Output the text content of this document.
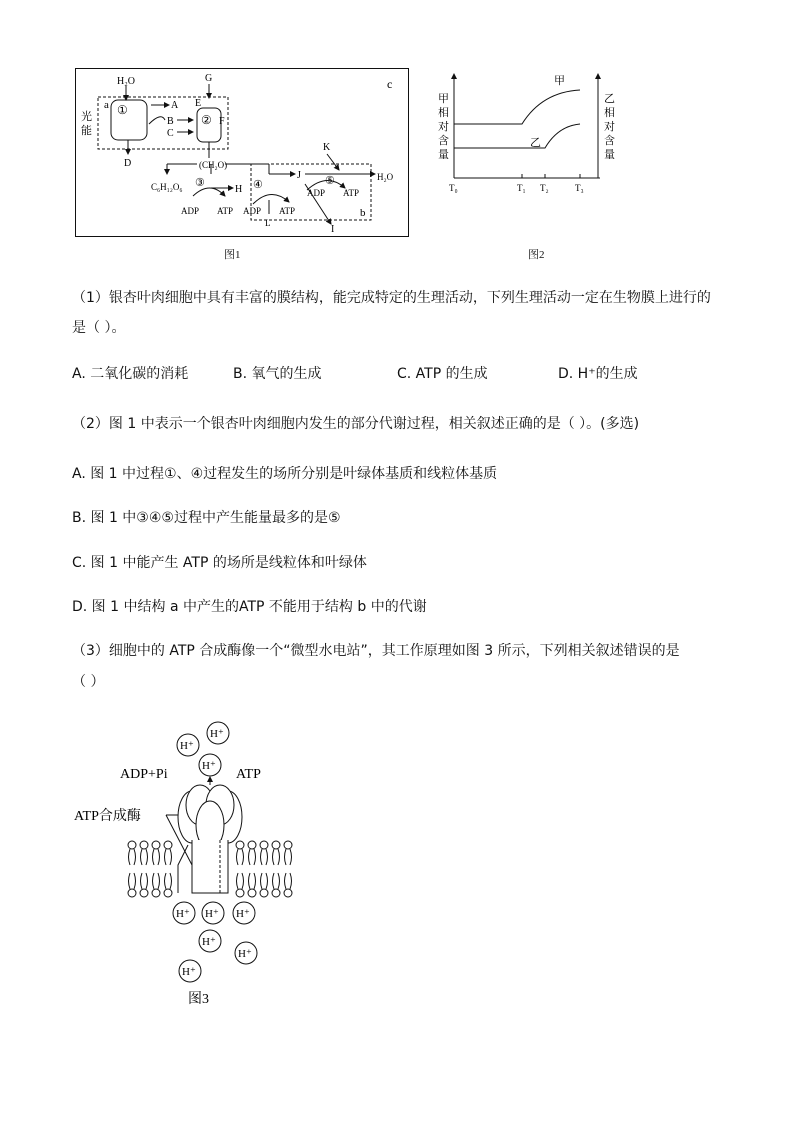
c
光
能
a
H₂O
①
D
A
B
C
G
E
② F
(CH₂O)
C₆H₁₂O₆ ③
H
ADP ATP
④
J	H₂O
K
⑤
ADP ATP
ADP ATP
L
I
b
图1
甲
相
对
含
量
乙
相
对
含
量
甲
乙
T₀	T₁ T₂	T₃
图2
（1）银杏叶肉细胞中具有丰富的膜结构，能完成特定的生理活动，下列生理活动一定在生物膜上进行的
是（ ）。
A. 二氧化碳的消耗	B. 氧气的生成	C. ATP 的生成	D. H⁺的生成
（2）图 1 中表示一个银杏叶肉细胞内发生的部分代谢过程，相关叙述正确的是（ ）。(多选)
A. 图 1 中过程①、④过程发生的场所分别是叶绿体基质和线粒体基质
B. 图 1 中③④⑤过程中产生能量最多的是⑤
C. 图 1 中能产生 ATP 的场所是线粒体和叶绿体
D. 图 1 中结构 a 中产生的ATP 不能用于结构 b 中的代谢
（3）细胞中的 ATP 合成酶像一个“微型水电站”，其工作原理如图 3 所示，下列相关叙述错误的是
（ ）
H⁺
H⁺
H⁺
ADP+Pi	ATP
ATP合成酶
H⁺ H⁺ H⁺
H⁺
H⁺
H⁺
图3
